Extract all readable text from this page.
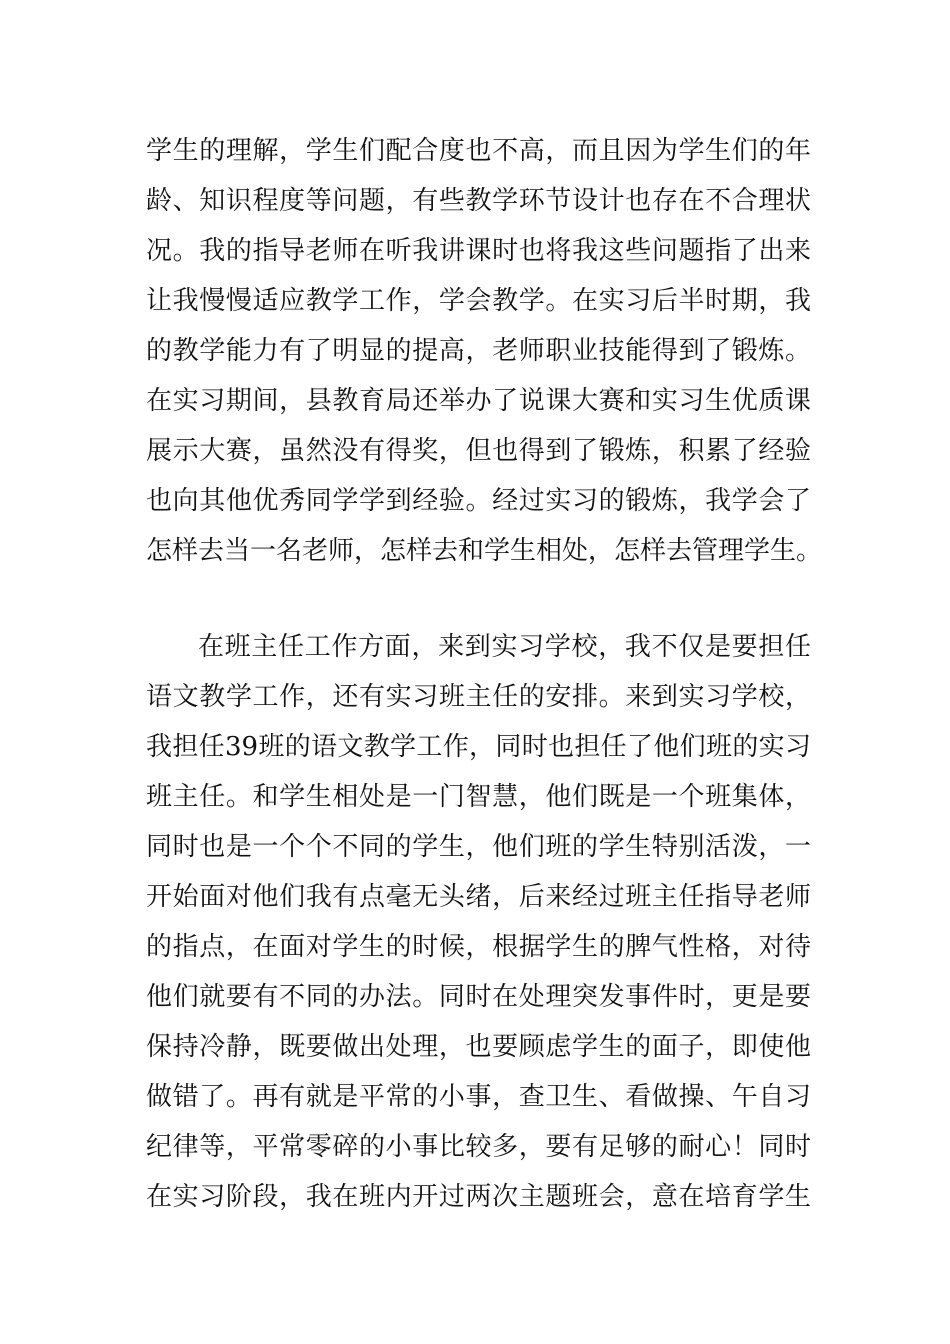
学生的理解，学生们配合度也不高，而且因为学生们的年
龄、知识程度等问题，有些教学环节设计也存在不合理状
况。我的指导老师在听我讲课时也将我这些问题指了出来
让我慢慢适应教学工作，学会教学。在实习后半时期，我
的教学能力有了明显的提高，老师职业技能得到了锻炼。
在实习期间，县教育局还举办了说课大赛和实习生优质课
展示大赛，虽然没有得奖，但也得到了锻炼，积累了经验
也向其他优秀同学学到经验。经过实习的锻炼，我学会了
怎样去当一名老师，怎样去和学生相处，怎样去管理学生。
在班主任工作方面，来到实习学校，我不仅是要担任
语文教学工作，还有实习班主任的安排。来到实习学校，
我担任39班的语文教学工作，同时也担任了他们班的实习
班主任。和学生相处是一门智慧，他们既是一个班集体，
同时也是一个个不同的学生，他们班的学生特别活泼，一
开始面对他们我有点毫无头绪，后来经过班主任指导老师
的指点，在面对学生的时候，根据学生的脾气性格，对待
他们就要有不同的办法。同时在处理突发事件时，更是要
保持冷静，既要做出处理，也要顾虑学生的面子，即使他
做错了。再有就是平常的小事，查卫生、看做操、午自习
纪律等，平常零碎的小事比较多，要有足够的耐心！同时
在实习阶段，我在班内开过两次主题班会，意在培育学生
